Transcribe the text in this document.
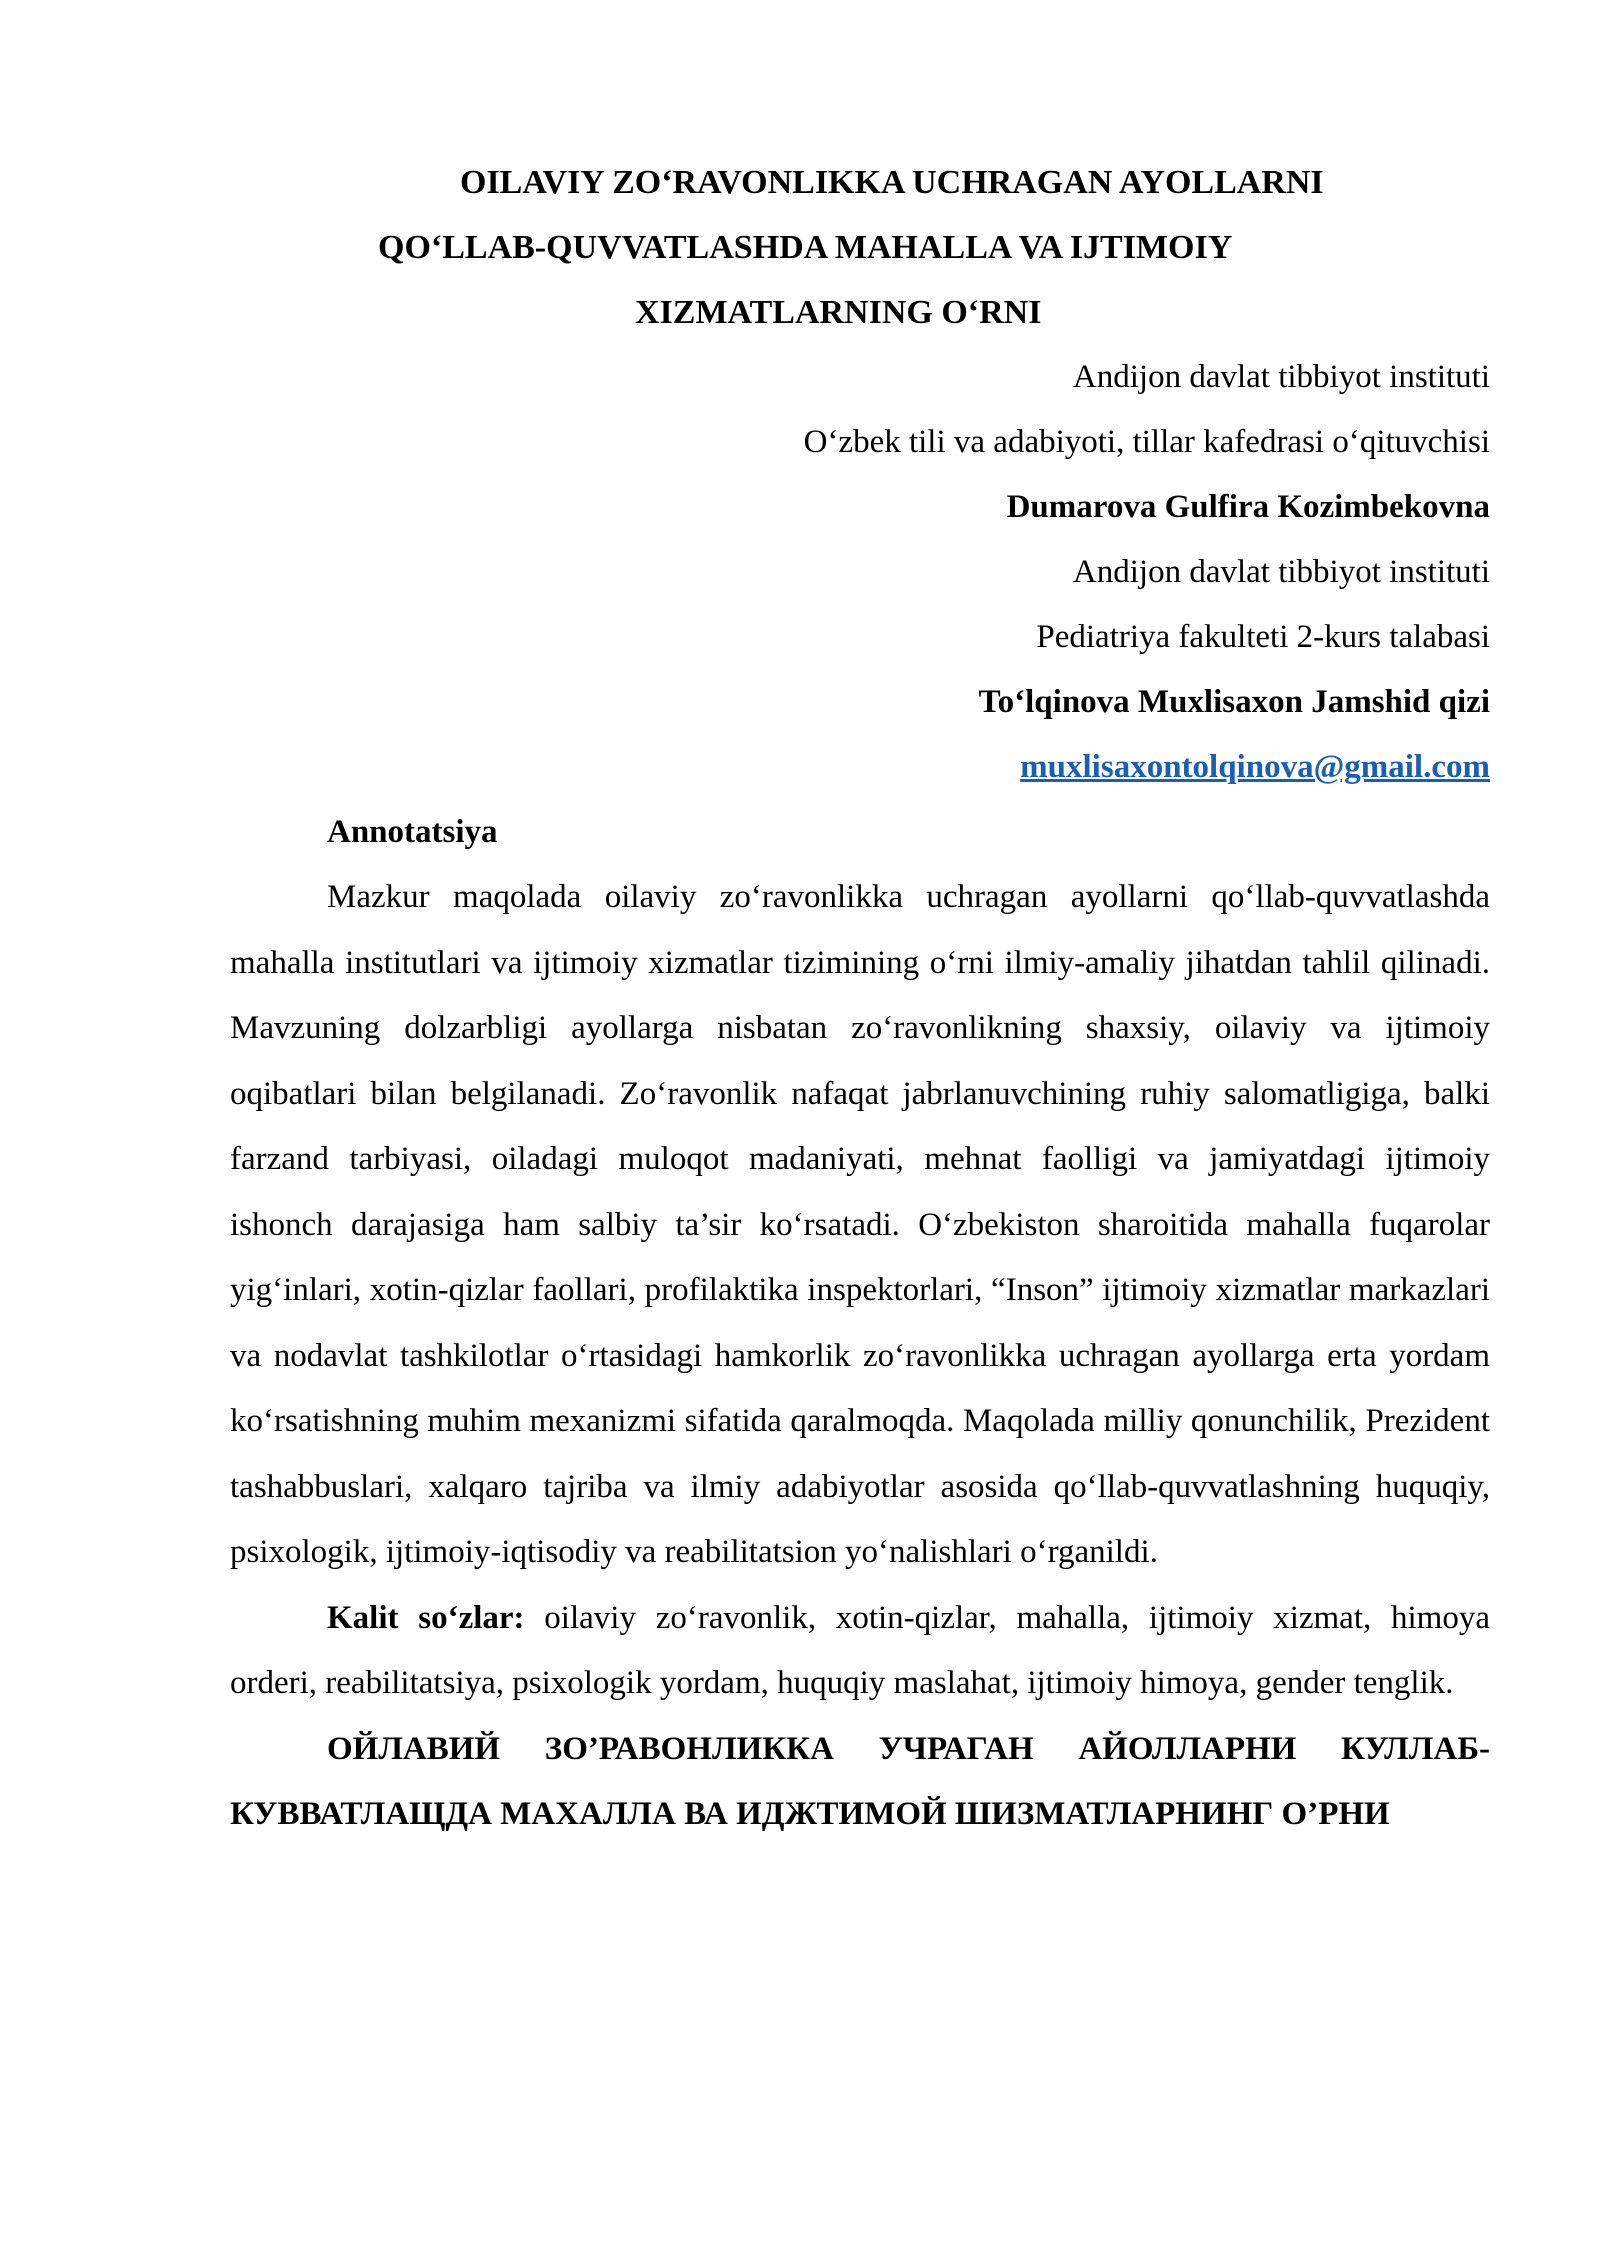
OILAVIY ZOʻRAVONLIKKA UCHRAGAN AYOLLARNI
QOʻLLAB-QUVVATLASHDA MAHALLA VA IJTIMOIY
XIZMATLARNING OʻRNI
Andijon davlat tibbiyot instituti
Oʻzbek tili va adabiyoti, tillar kafedrasi oʻqituvchisi
Dumarova Gulfira Kozimbekovna
Andijon davlat tibbiyot instituti
Pediatriya fakulteti 2-kurs talabasi
Toʻlqinova Muxlisaxon Jamshid qizi
muxlisaxontolqinova@gmail.com

Annotatsiya

Mazkur maqolada oilaviy zoʻravonlikka uchragan ayollarni qoʻllab-quvvatlashda mahalla institutlari va ijtimoiy xizmatlar tizimining oʻrni ilmiy-amaliy jihatdan tahlil qilinadi. Mavzuning dolzarbligi ayollarga nisbatan zoʻravonlikning shaxsiy, oilaviy va ijtimoiy oqibatlari bilan belgilanadi. Zoʻravonlik nafaqat jabrlanuvchining ruhiy salomatligiga, balki farzand tarbiyasi, oiladagi muloqot madaniyati, mehnat faolligi va jamiyatdagi ijtimoiy ishonch darajasiga ham salbiy ta’sir koʻrsatadi. Oʻzbekiston sharoitida mahalla fuqarolar yigʻinlari, xotin-qizlar faollari, profilaktika inspektorlari, “Inson” ijtimoiy xizmatlar markazlari va nodavlat tashkilotlar oʻrtasidagi hamkorlik zoʻravonlikka uchragan ayollarga erta yordam koʻrsatishning muhim mexanizmi sifatida qaralmoqda. Maqolada milliy qonunchilik, Prezident tashabbuslari, xalqaro tajriba va ilmiy adabiyotlar asosida qoʻllab-quvvatlashning huquqiy, psixologik, ijtimoiy-iqtisodiy va reabilitatsion yoʻnalishlari oʻrganildi.

Kalit soʻzlar: oilaviy zoʻravonlik, xotin-qizlar, mahalla, ijtimoiy xizmat, himoya orderi, reabilitatsiya, psixologik yordam, huquqiy maslahat, ijtimoiy himoya, gender tenglik.

ОЙЛАВИЙ ЗО’РАВОНЛИККА УЧРАГАН АЙОЛЛАРНИ КУЛЛАБ-КУВВАТЛАЩДА МАХАЛЛА ВА ИДЖТИМОЙ ШИЗМАТЛАРНИНГ О’РНИ
